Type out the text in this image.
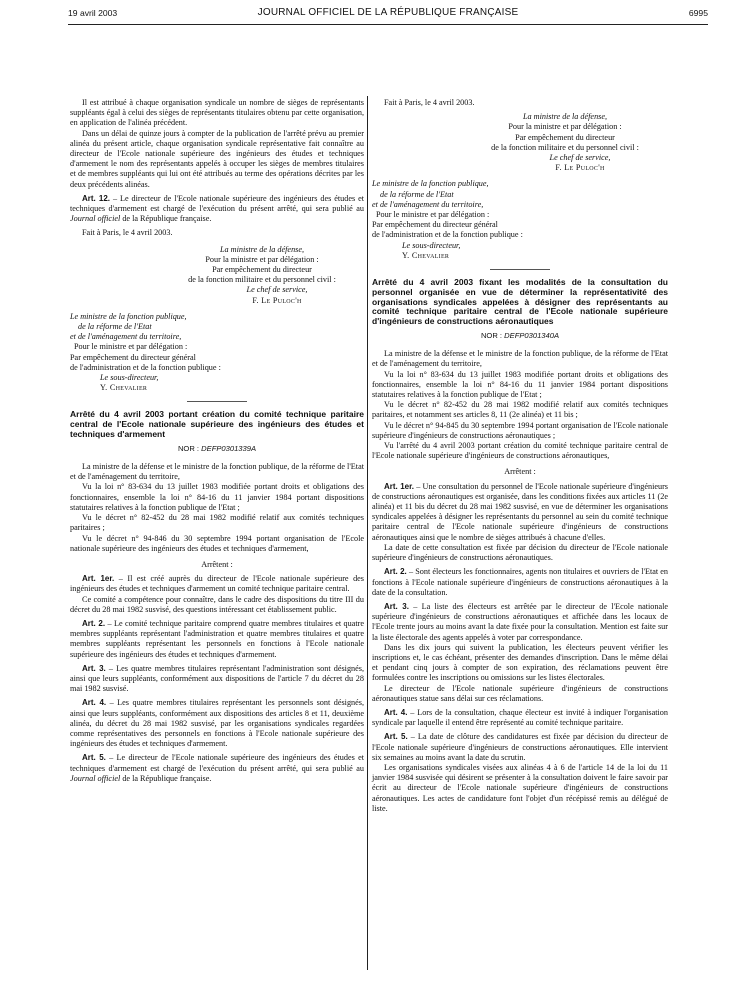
19 avril 2003	JOURNAL OFFICIEL DE LA RÉPUBLIQUE FRANÇAISE	6995

Il est attribué à chaque organisation syndicale un nombre de sièges de représentants suppléants égal à celui des sièges de représentants titulaires obtenu par cette organisation, en application de l'alinéa précédent.

Dans un délai de quinze jours à compter de la publication de l'arrêté prévu au premier alinéa du présent article, chaque organisation syndicale représentative fait connaître au directeur de l'Ecole nationale supérieure des ingénieurs des études et techniques d'armement le nom des représentants appelés à occuper les sièges de membres titulaires et de membres suppléants qui lui ont été attribués au terme des opérations décrites par les deux précédents alinéas.

Art. 12. – Le directeur de l'Ecole nationale supérieure des ingénieurs des études et techniques d'armement est chargé de l'exécution du présent arrêté, qui sera publié au Journal officiel de la République française.

Fait à Paris, le 4 avril 2003.

La ministre de la défense,

Pour la ministre et par délégation :

Par empêchement du directeur

de la fonction militaire et du personnel civil :

Le chef de service,

F. Le Puloc'h

Le ministre de la fonction publique,

de la réforme de l'Etat

et de l'aménagement du territoire,

Pour le ministre et par délégation :

Par empêchement du directeur général

de l'administration et de la fonction publique :

Le sous-directeur,

Y. Chevalier

Arrêté du 4 avril 2003 portant création du comité technique paritaire central de l'Ecole nationale supérieure des ingénieurs des études et techniques d'armement
NOR : DEFP0301339A

La ministre de la défense et le ministre de la fonction publique, de la réforme de l'Etat et de l'aménagement du territoire,

Vu la loi n° 83-634 du 13 juillet 1983 modifiée portant droits et obligations des fonctionnaires, ensemble la loi n° 84-16 du 11 janvier 1984 portant dispositions statutaires relatives à la fonction publique de l'Etat ;

Vu le décret n° 82-452 du 28 mai 1982 modifié relatif aux comités techniques paritaires ;

Vu le décret n° 94-846 du 30 septembre 1994 portant organisation de l'Ecole nationale supérieure des ingénieurs des études et techniques d'armement,

Arrêtent :

Art. 1er. – Il est créé auprès du directeur de l'Ecole nationale supérieure des ingénieurs des études et techniques d'armement un comité technique paritaire central.

Ce comité a compétence pour connaître, dans le cadre des dispositions du titre III du décret du 28 mai 1982 susvisé, des questions intéressant cet établissement public.

Art. 2. – Le comité technique paritaire comprend quatre membres titulaires et quatre membres suppléants représentant l'administration et quatre membres titulaires et quatre membres suppléants représentant les personnels en fonctions à l'Ecole nationale supérieure des ingénieurs des études et techniques d'armement.

Art. 3. – Les quatre membres titulaires représentant l'administration sont désignés, ainsi que leurs suppléants, conformément aux dispositions de l'article 7 du décret du 28 mai 1982 susvisé.

Art. 4. – Les quatre membres titulaires représentant les personnels sont désignés, ainsi que leurs suppléants, conformément aux dispositions des articles 8 et 11, deuxième alinéa, du décret du 28 mai 1982 susvisé, par les organisations syndicales regardées comme représentatives des personnels en fonctions à l'Ecole nationale supérieure des ingénieurs des études et techniques d'armement.

Art. 5. – Le directeur de l'Ecole nationale supérieure des ingénieurs des études et techniques d'armement est chargé de l'exécution du présent arrêté, qui sera publié au Journal officiel de la République française.

Fait à Paris, le 4 avril 2003.

La ministre de la défense,

Pour la ministre et par délégation :

Par empêchement du directeur

de la fonction militaire et du personnel civil :

Le chef de service,

F. Le Puloc'h

Le ministre de la fonction publique,

de la réforme de l'Etat

et de l'aménagement du territoire,

Pour le ministre et par délégation :

Par empêchement du directeur général

de l'administration et de la fonction publique :

Le sous-directeur,

Y. Chevalier

Arrêté du 4 avril 2003 fixant les modalités de la consultation du personnel organisée en vue de déterminer la représentativité des organisations syndicales appelées à désigner des représentants au comité technique paritaire central de l'Ecole nationale supérieure d'ingénieurs de constructions aéronautiques
NOR : DEFP0301340A

La ministre de la défense et le ministre de la fonction publique, de la réforme de l'Etat et de l'aménagement du territoire,

Vu la loi n° 83-634 du 13 juillet 1983 modifiée portant droits et obligations des fonctionnaires, ensemble la loi n° 84-16 du 11 janvier 1984 portant dispositions statutaires relatives à la fonction publique de l'Etat ;

Vu le décret n° 82-452 du 28 mai 1982 modifié relatif aux comités techniques paritaires, et notamment ses articles 8, 11 (2e alinéa) et 11 bis ;

Vu le décret n° 94-845 du 30 septembre 1994 portant organisation de l'Ecole nationale supérieure d'ingénieurs de constructions aéronautiques ;

Vu l'arrêté du 4 avril 2003 portant création du comité technique paritaire central de l'Ecole nationale supérieure d'ingénieurs de constructions aéronautiques,

Arrêtent :

Art. 1er. – Une consultation du personnel de l'Ecole nationale supérieure d'ingénieurs de constructions aéronautiques est organisée, dans les conditions fixées aux articles 11 (2e alinéa) et 11 bis du décret du 28 mai 1982 susvisé, en vue de déterminer les organisations syndicales appelées à désigner les représentants du personnel au sein du comité technique paritaire central de l'Ecole nationale supérieure d'ingénieurs de constructions aéronautiques ainsi que le nombre de sièges attribués à chacune d'elles.

La date de cette consultation est fixée par décision du directeur de l'Ecole nationale supérieure d'ingénieurs de constructions aéronautiques.

Art. 2. – Sont électeurs les fonctionnaires, agents non titulaires et ouvriers de l'Etat en fonctions à l'Ecole nationale supérieure d'ingénieurs de constructions aéronautiques à la date de la consultation.

Art. 3. – La liste des électeurs est arrêtée par le directeur de l'Ecole nationale supérieure d'ingénieurs de constructions aéronautiques et affichée dans les locaux de l'Ecole trente jours au moins avant la date fixée pour la consultation. Mention est faite sur la liste électorale des agents appelés à voter par correspondance.

Dans les dix jours qui suivent la publication, les électeurs peuvent vérifier les inscriptions et, le cas échéant, présenter des demandes d'inscription. Dans le même délai et pendant cinq jours à compter de son expiration, des réclamations peuvent être formulées contre les inscriptions ou omissions sur les listes électorales.

Le directeur de l'Ecole nationale supérieure d'ingénieurs de constructions aéronautiques statue sans délai sur ces réclamations.

Art. 4. – Lors de la consultation, chaque électeur est invité à indiquer l'organisation syndicale par laquelle il entend être représenté au comité technique paritaire.

Art. 5. – La date de clôture des candidatures est fixée par décision du directeur de l'Ecole nationale supérieure d'ingénieurs de constructions aéronautiques. Elle intervient six semaines au moins avant la date du scrutin.

Les organisations syndicales visées aux alinéas 4 à 6 de l'article 14 de la loi du 11 janvier 1984 susvisée qui désirent se présenter à la consultation doivent le faire savoir par écrit au directeur de l'Ecole nationale supérieure d'ingénieurs de constructions aéronautiques. Les actes de candidature font l'objet d'un récépissé remis au délégué de liste.
